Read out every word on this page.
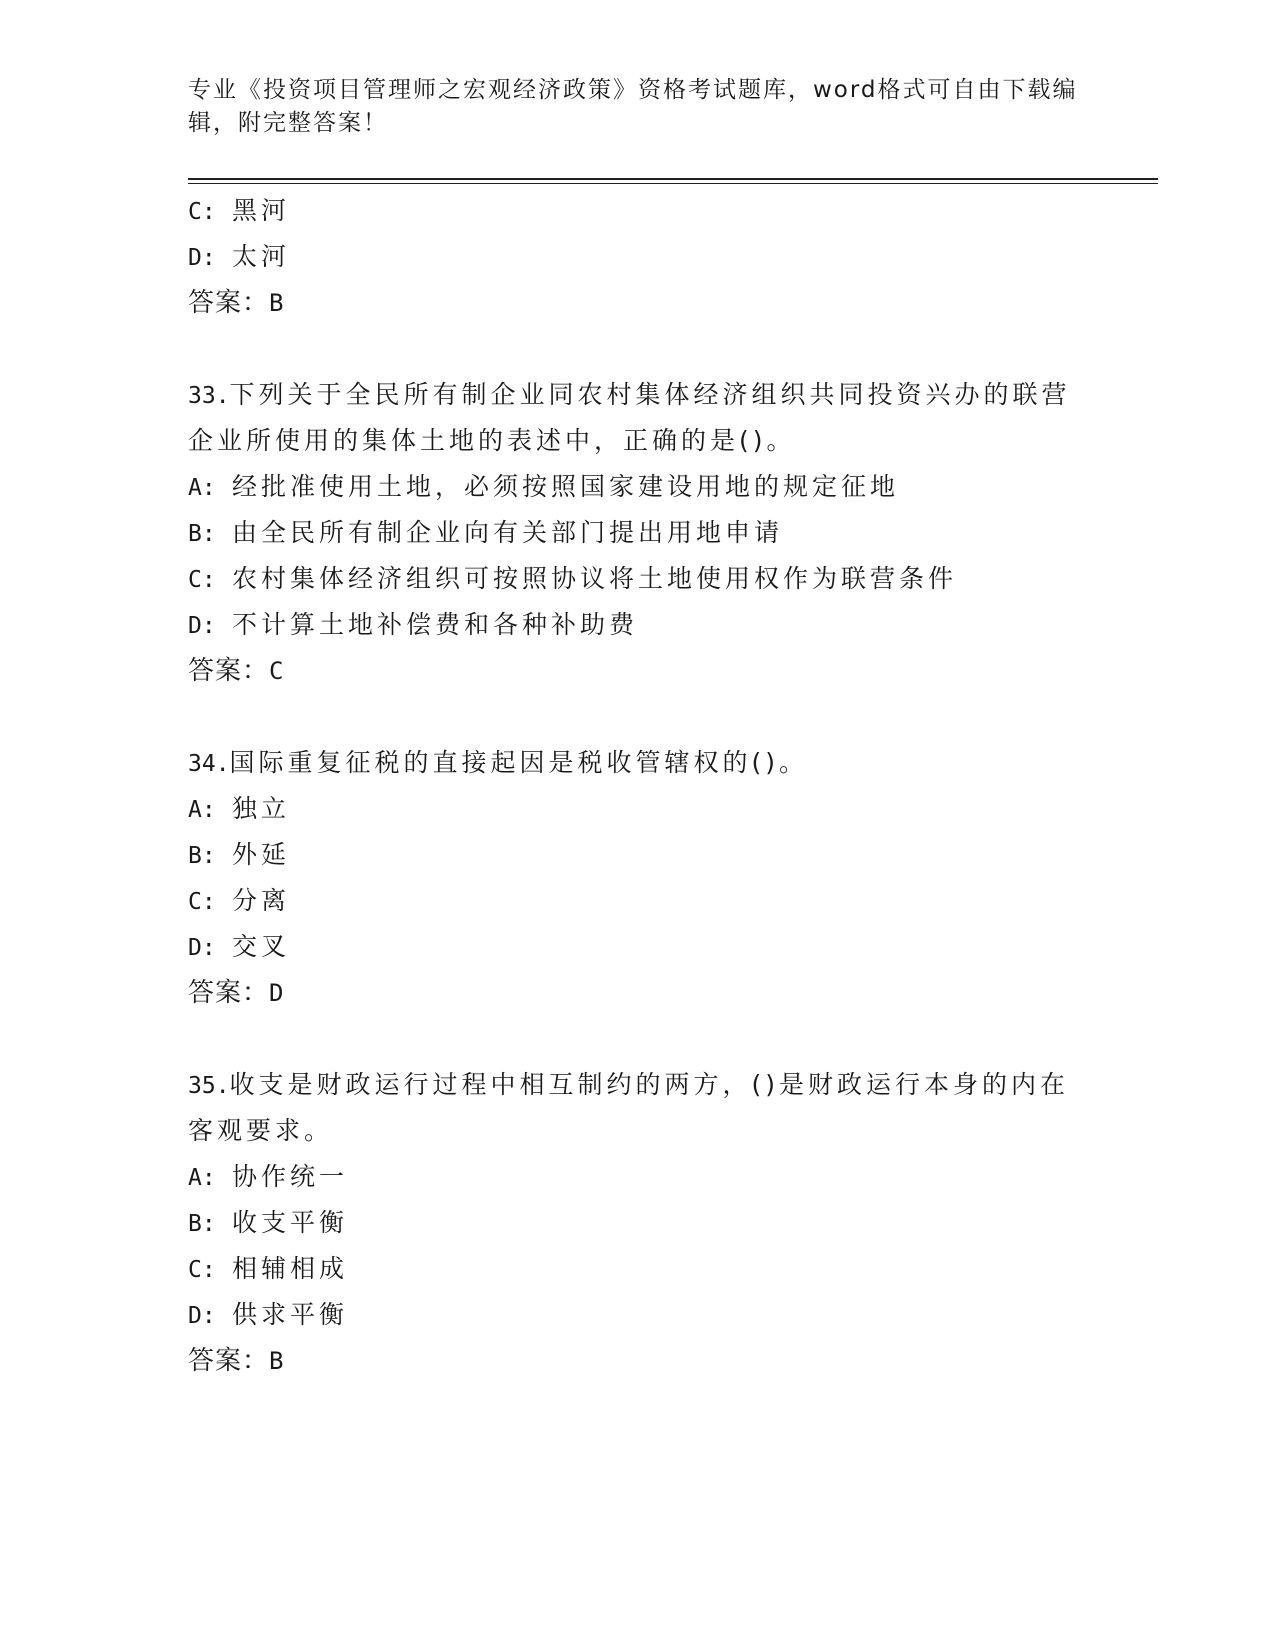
专业《投资项目管理师之宏观经济政策》资格考试题库，word格式可自由下载编
辑，附完整答案！
C: 黑河
D: 太河
答案：B
33.下列关于全民所有制企业同农村集体经济组织共同投资兴办的联营
企业所使用的集体土地的表述中，正确的是()。
A: 经批准使用土地，必须按照国家建设用地的规定征地
B: 由全民所有制企业向有关部门提出用地申请
C: 农村集体经济组织可按照协议将土地使用权作为联营条件
D: 不计算土地补偿费和各种补助费
答案：C
34.国际重复征税的直接起因是税收管辖权的()。
A: 独立
B: 外延
C: 分离
D: 交叉
答案：D
35.收支是财政运行过程中相互制约的两方，()是财政运行本身的内在
客观要求。
A: 协作统一
B: 收支平衡
C: 相辅相成
D: 供求平衡
答案：B
